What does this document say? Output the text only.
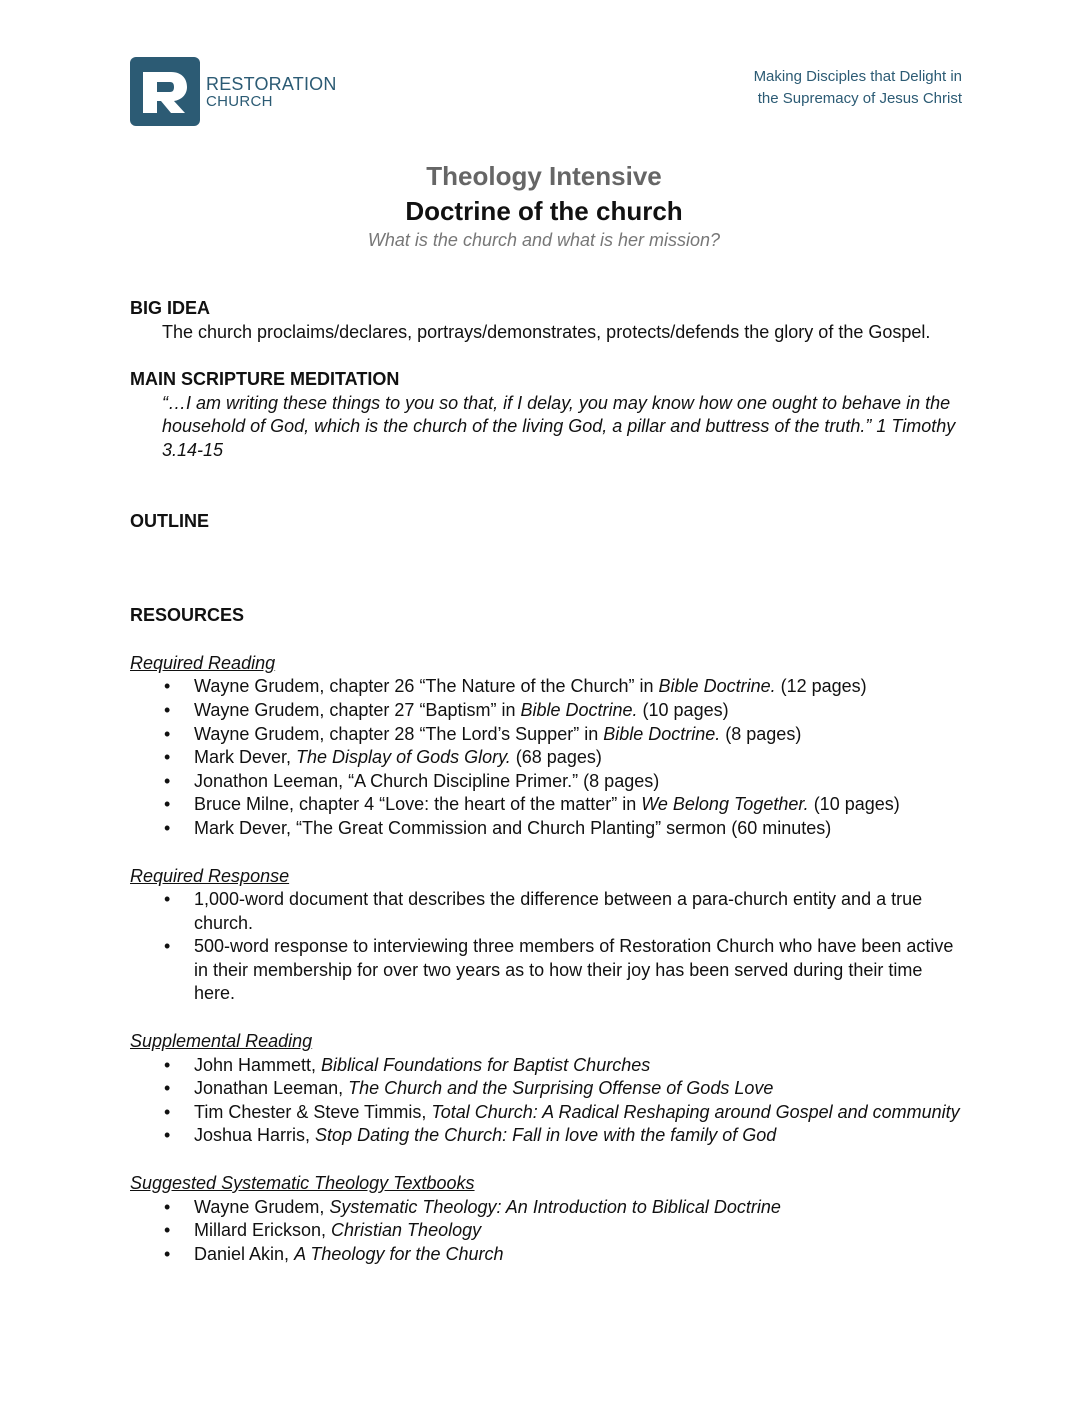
RESTORATION
CHURCH
Making Disciples that Delight in
the Supremacy of Jesus Christ
Theology Intensive
Doctrine of the church
What is the church and what is her mission?
BIG IDEA
The church proclaims/declares, portrays/demonstrates, protects/defends the glory of the Gospel.
MAIN SCRIPTURE MEDITATION
“…I am writing these things to you so that, if I delay, you may know how one ought to behave in the household of God, which is the church of the living God, a pillar and buttress of the truth.” 1 Timothy 3.14-15
OUTLINE
RESOURCES
Required Reading
• Wayne Grudem, chapter 26 “The Nature of the Church” in Bible Doctrine. (12 pages)
• Wayne Grudem, chapter 27 “Baptism” in Bible Doctrine. (10 pages)
• Wayne Grudem, chapter 28 “The Lord’s Supper” in Bible Doctrine. (8 pages)
• Mark Dever, The Display of Gods Glory. (68 pages)
• Jonathon Leeman, “A Church Discipline Primer.” (8 pages)
• Bruce Milne, chapter 4 “Love: the heart of the matter” in We Belong Together. (10 pages)
• Mark Dever, “The Great Commission and Church Planting” sermon (60 minutes)
Required Response
• 1,000-word document that describes the difference between a para-church entity and a true church.
• 500-word response to interviewing three members of Restoration Church who have been active in their membership for over two years as to how their joy has been served during their time here.
Supplemental Reading
• John Hammett, Biblical Foundations for Baptist Churches
• Jonathan Leeman, The Church and the Surprising Offense of Gods Love
• Tim Chester & Steve Timmis, Total Church: A Radical Reshaping around Gospel and community
• Joshua Harris, Stop Dating the Church: Fall in love with the family of God
Suggested Systematic Theology Textbooks
• Wayne Grudem, Systematic Theology: An Introduction to Biblical Doctrine
• Millard Erickson, Christian Theology
• Daniel Akin, A Theology for the Church
